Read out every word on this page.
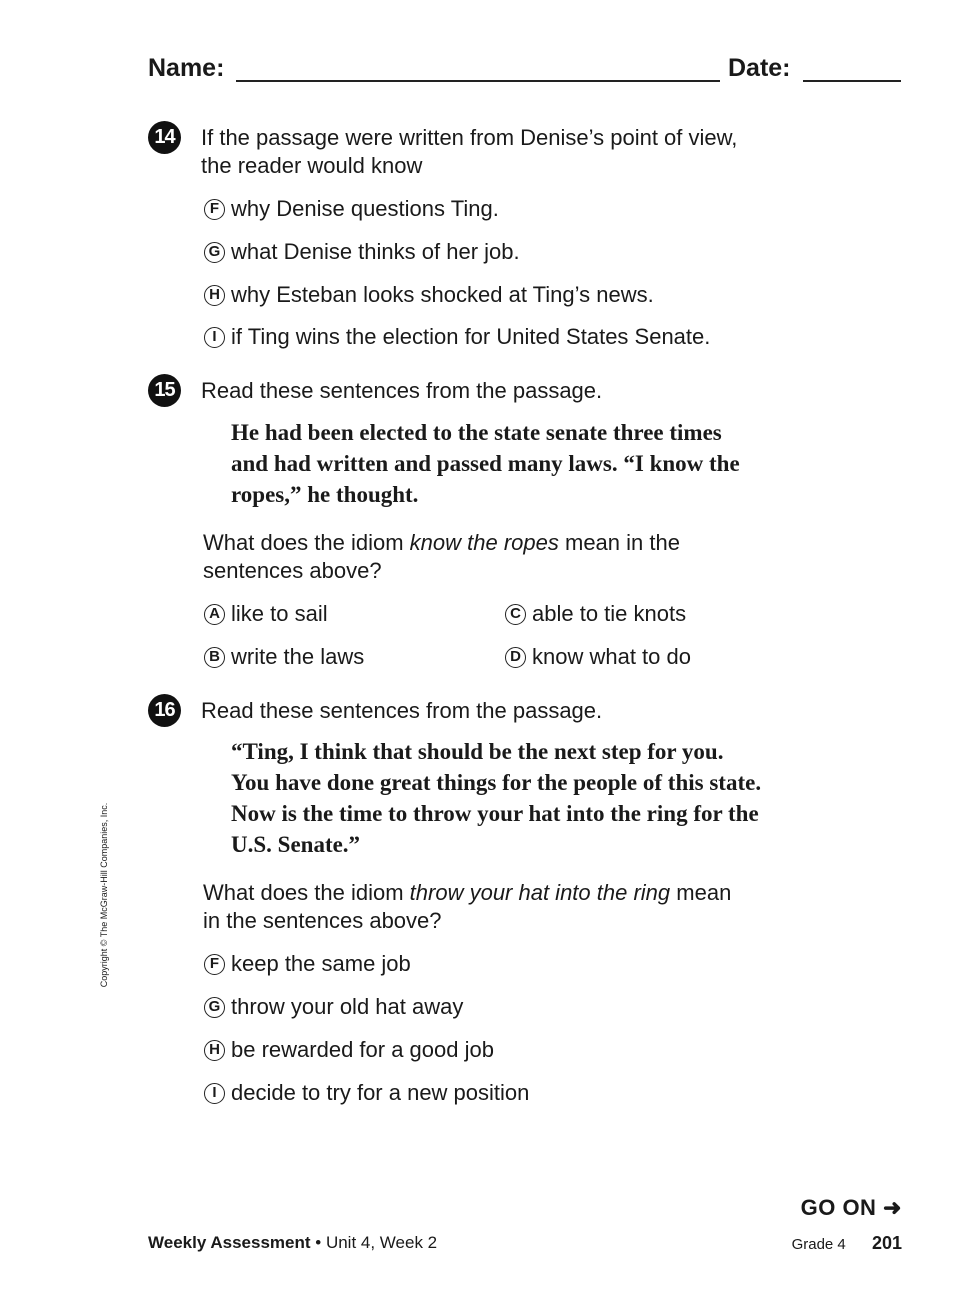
Name:	Date:
14 If the passage were written from Denise’s point of view,
the reader would know
F why Denise questions Ting.
G what Denise thinks of her job.
H why Esteban looks shocked at Ting’s news.
I if Ting wins the election for United States Senate.
15 Read these sentences from the passage.
He had been elected to the state senate three times
and had written and passed many laws. “I know the
ropes,” he thought.
What does the idiom know the ropes mean in the
sentences above?
A like to sail
B write the laws
C able to tie knots
D know what to do
16 Read these sentences from the passage.
“Ting, I think that should be the next step for you.
You have done great things for the people of this state.
Now is the time to throw your hat into the ring for the
U.S. Senate.”
What does the idiom throw your hat into the ring mean
in the sentences above?
F keep the same job
G throw your old hat away
H be rewarded for a good job
I decide to try for a new position
Copyright © The McGraw-Hill Companies, Inc.
GO ON ➜
Weekly Assessment • Unit 4, Week 2	Grade 4 201
